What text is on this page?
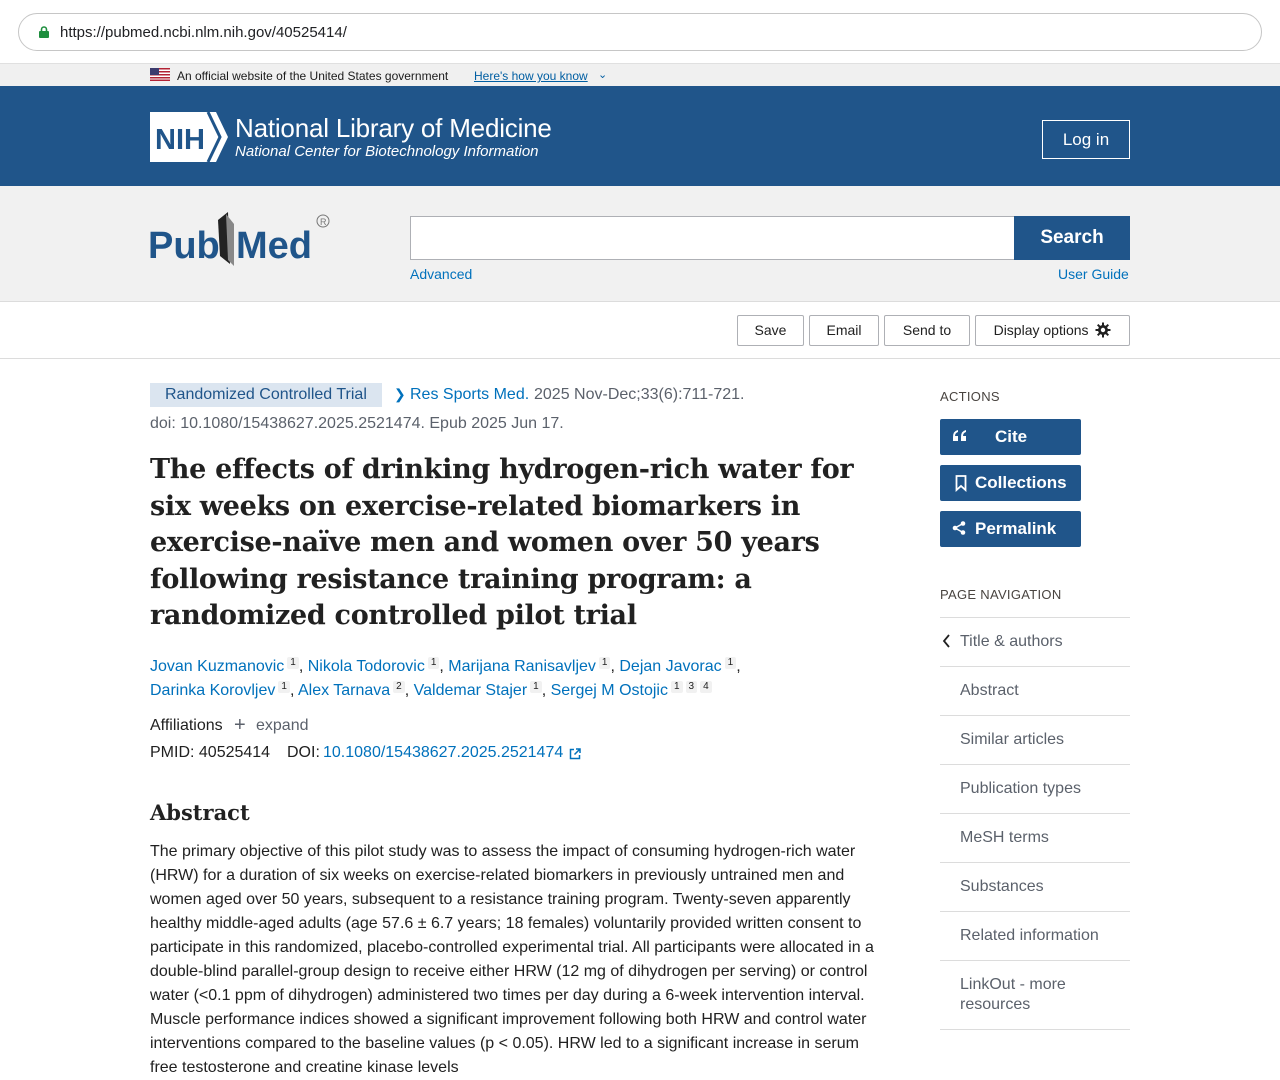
https://pubmed.ncbi.nlm.nih.gov/40525414/
An official website of the United States government Here's how you know ⌄
NIH National Library of Medicine
National Center for Biotechnology Information
Log in
Pub Med
R
Search
Advanced	User Guide
Save	Email	Send to	Display options
Randomized Controlled Trial	❯ Res Sports Med. 2025 Nov-Dec;33(6):711-721.
doi: 10.1080/15438627.2025.2521474. Epub 2025 Jun 17.
The effects of drinking hydrogen-rich water for six weeks on exercise-related biomarkers in exercise-naïve men and women over 50 years following resistance training program: a randomized controlled pilot trial
Jovan Kuzmanovic 1 , Nikola Todorovic 1 , Marijana Ranisavljev 1 , Dejan Javorac 1 ,
Darinka Korovljev 1 , Alex Tarnava 2 , Valdemar Stajer 1 , Sergej M Ostojic 1 3 4
Affiliations + expand
PMID: 40525414 DOI: 10.1080/15438627.2025.2521474
Abstract

The primary objective of this pilot study was to assess the impact of consuming hydrogen-rich water (HRW) for a duration of six weeks on exercise-related biomarkers in previously untrained men and women aged over 50 years, subsequent to a resistance training program. Twenty-seven apparently healthy middle-aged adults (age 57.6 ± 6.7 years; 18 females) voluntarily provided written consent to participate in this randomized, placebo-controlled experimental trial. All participants were allocated in a double-blind parallel-group design to receive either HRW (12 mg of dihydrogen per serving) or control water (<0.1 ppm of dihydrogen) administered two times per day during a 6-week intervention interval. Muscle performance indices showed a significant improvement following both HRW and control water interventions compared to the baseline values (p < 0.05). HRW led to a significant increase in serum free testosterone and creatine kinase levels

ACTIONS
Cite
Collections
Permalink
PAGE NAVIGATION
Title & authors
Abstract
Similar articles
Publication types
MeSH terms
Substances
Related information
LinkOut - more resources
